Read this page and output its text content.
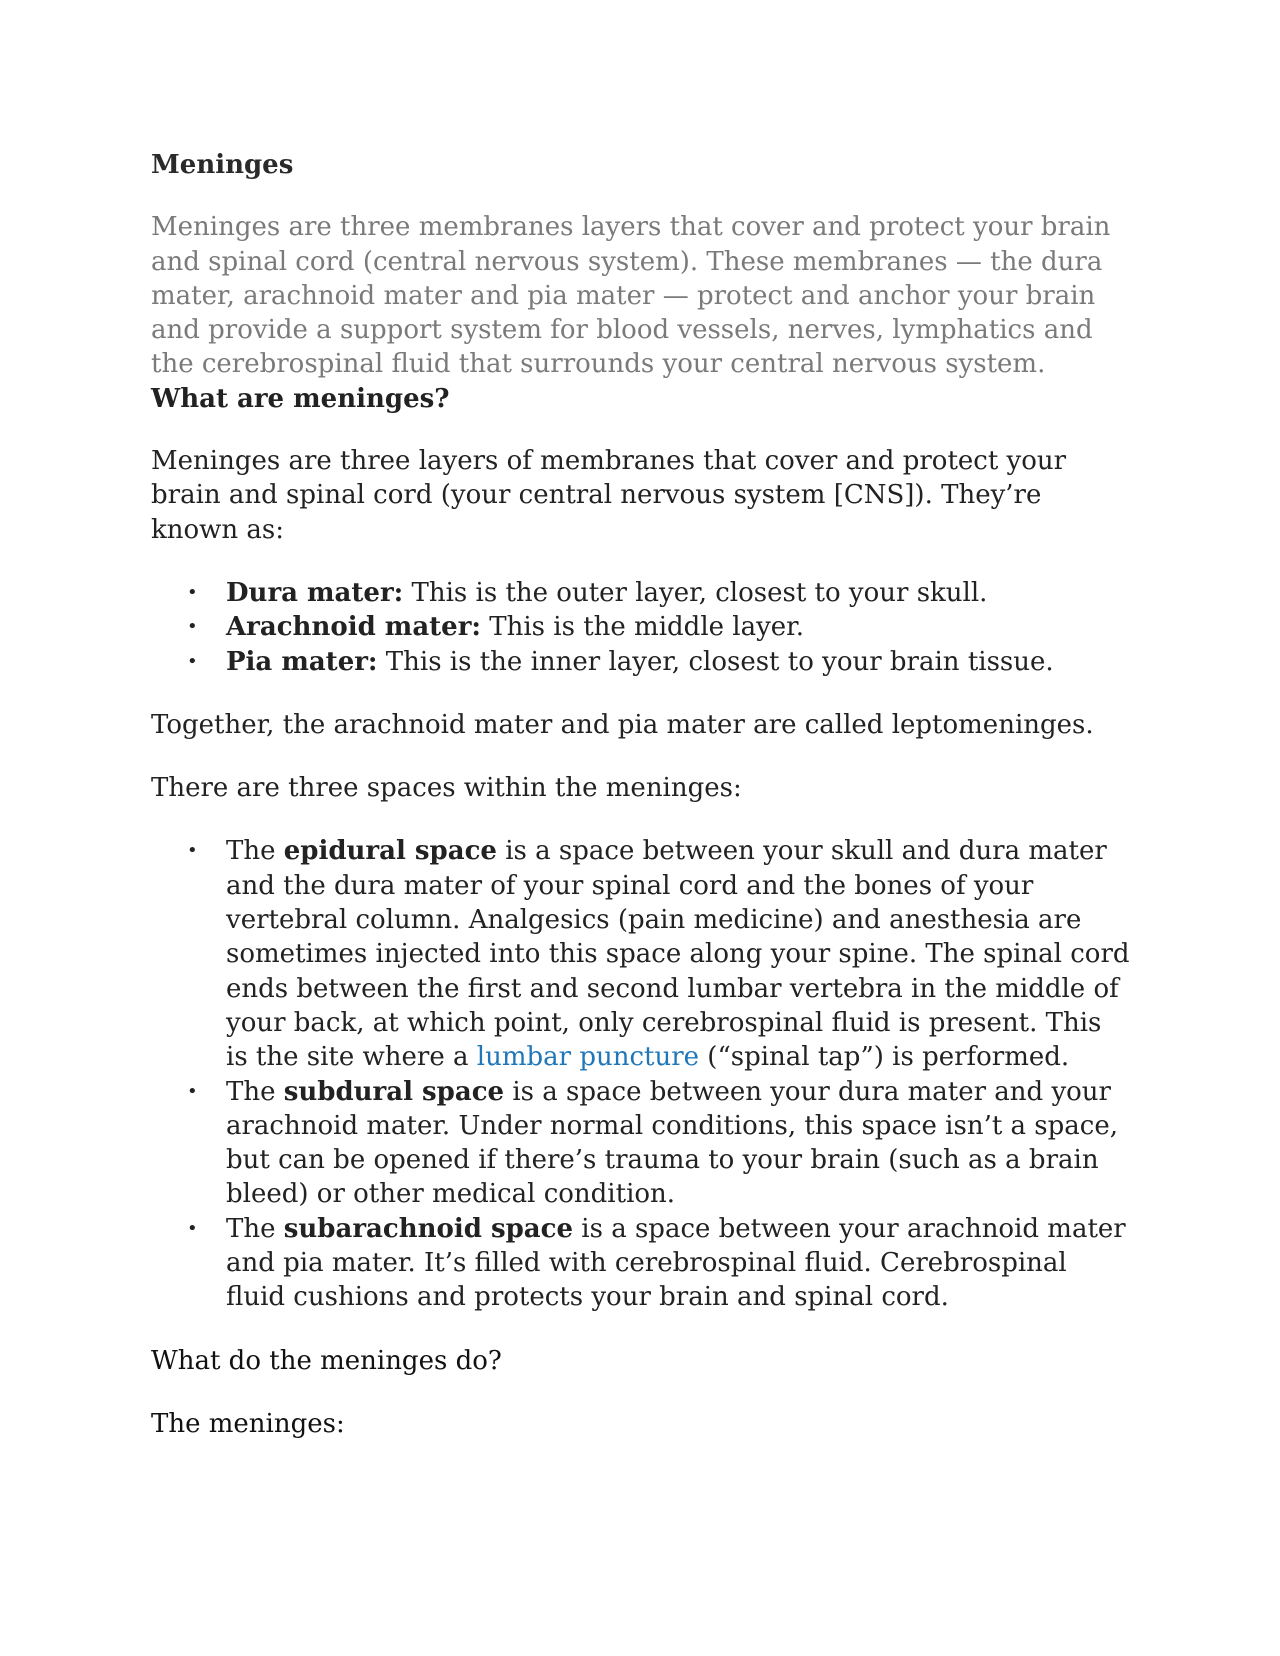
Meninges

Meninges are three membranes layers that cover and protect your brain and spinal cord (central nervous system). These membranes — the dura mater, arachnoid mater and pia mater — protect and anchor your brain and provide a support system for blood vessels, nerves, lymphatics and the cerebrospinal fluid that surrounds your central nervous system.

What are meninges?

Meninges are three layers of membranes that cover and protect your brain and spinal cord (your central nervous system [CNS]). They’re known as:

• Dura mater: This is the outer layer, closest to your skull.
• Arachnoid mater: This is the middle layer.
• Pia mater: This is the inner layer, closest to your brain tissue.

Together, the arachnoid mater and pia mater are called leptomeninges.

There are three spaces within the meninges:

• The epidural space is a space between your skull and dura mater and the dura mater of your spinal cord and the bones of your vertebral column. Analgesics (pain medicine) and anesthesia are sometimes injected into this space along your spine. The spinal cord ends between the first and second lumbar vertebra in the middle of your back, at which point, only cerebrospinal fluid is present. This is the site where a lumbar puncture (“spinal tap”) is performed.
• The subdural space is a space between your dura mater and your arachnoid mater. Under normal conditions, this space isn’t a space, but can be opened if there’s trauma to your brain (such as a brain bleed) or other medical condition.
• The subarachnoid space is a space between your arachnoid mater and pia mater. It’s filled with cerebrospinal fluid. Cerebrospinal fluid cushions and protects your brain and spinal cord.

What do the meninges do?

The meninges:
